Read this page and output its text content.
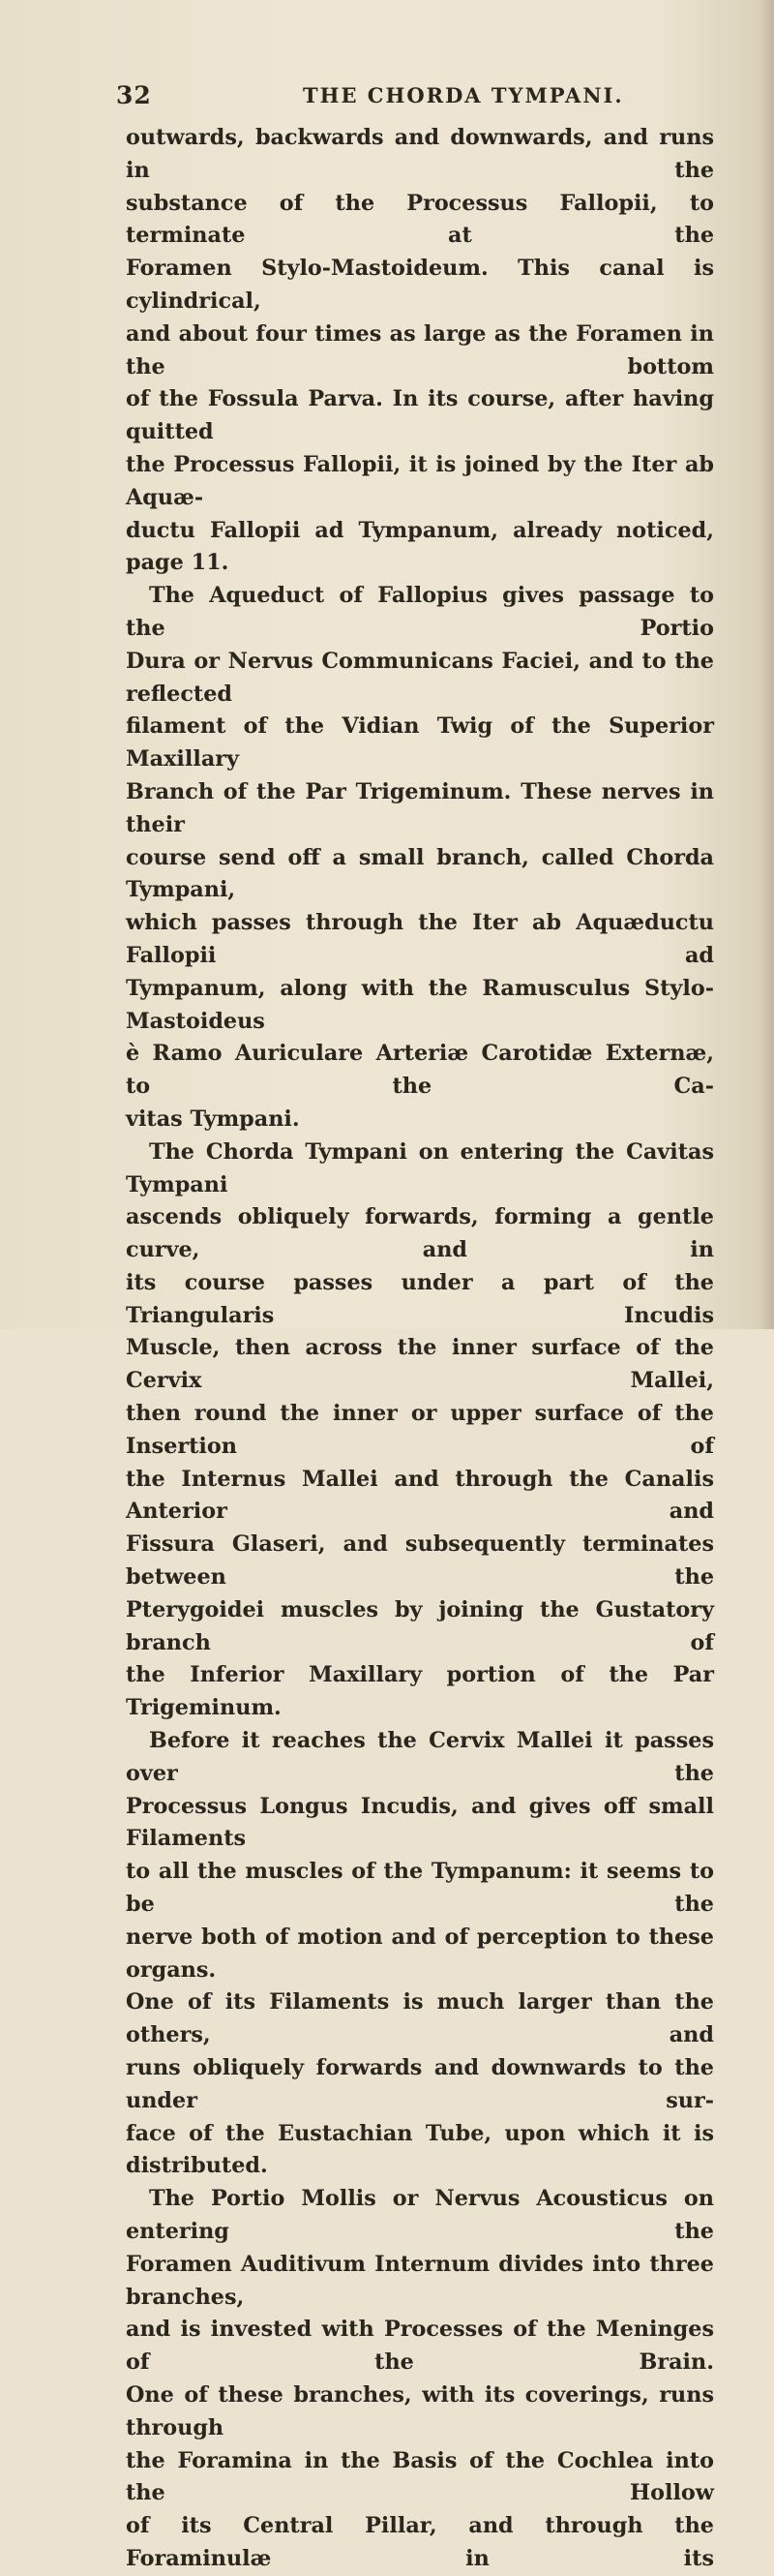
32	THE CHORDA TYMPANI.

outwards, backwards and downwards, and runs in the

substance of the Processus Fallopii, to terminate at the

Foramen Stylo-Mastoideum. This canal is cylindrical,

and about four times as large as the Foramen in the bottom

of the Fossula Parva. In its course, after having quitted

the Processus Fallopii, it is joined by the Iter ab Aquæ-

ductu Fallopii ad Tympanum, already noticed, page 11.

The Aqueduct of Fallopius gives passage to the Portio

Dura or Nervus Communicans Faciei, and to the reflected

filament of the Vidian Twig of the Superior Maxillary

Branch of the Par Trigeminum. These nerves in their

course send off a small branch, called Chorda Tympani,

which passes through the Iter ab Aquæductu Fallopii ad

Tympanum, along with the Ramusculus Stylo-Mastoideus

è Ramo Auriculare Arteriæ Carotidæ Externæ, to the Ca-

vitas Tympani.

The Chorda Tympani on entering the Cavitas Tympani

ascends obliquely forwards, forming a gentle curve, and in

its course passes under a part of the Triangularis Incudis

Muscle, then across the inner surface of the Cervix Mallei,

then round the inner or upper surface of the Insertion of

the Internus Mallei and through the Canalis Anterior and

Fissura Glaseri, and subsequently terminates between the

Pterygoidei muscles by joining the Gustatory branch of

the Inferior Maxillary portion of the Par Trigeminum.

Before it reaches the Cervix Mallei it passes over the

Processus Longus Incudis, and gives off small Filaments

to all the muscles of the Tympanum: it seems to be the

nerve both of motion and of perception to these organs.

One of its Filaments is much larger than the others, and

runs obliquely forwards and downwards to the under sur-

face of the Eustachian Tube, upon which it is distributed.

The Portio Mollis or Nervus Acousticus on entering the

Foramen Auditivum Internum divides into three branches,

and is invested with Processes of the Meninges of the Brain.

One of these branches, with its coverings, runs through

the Foramina in the Basis of the Cochlea into the Hollow

of its Central Pillar, and through the Foraminulæ in its
